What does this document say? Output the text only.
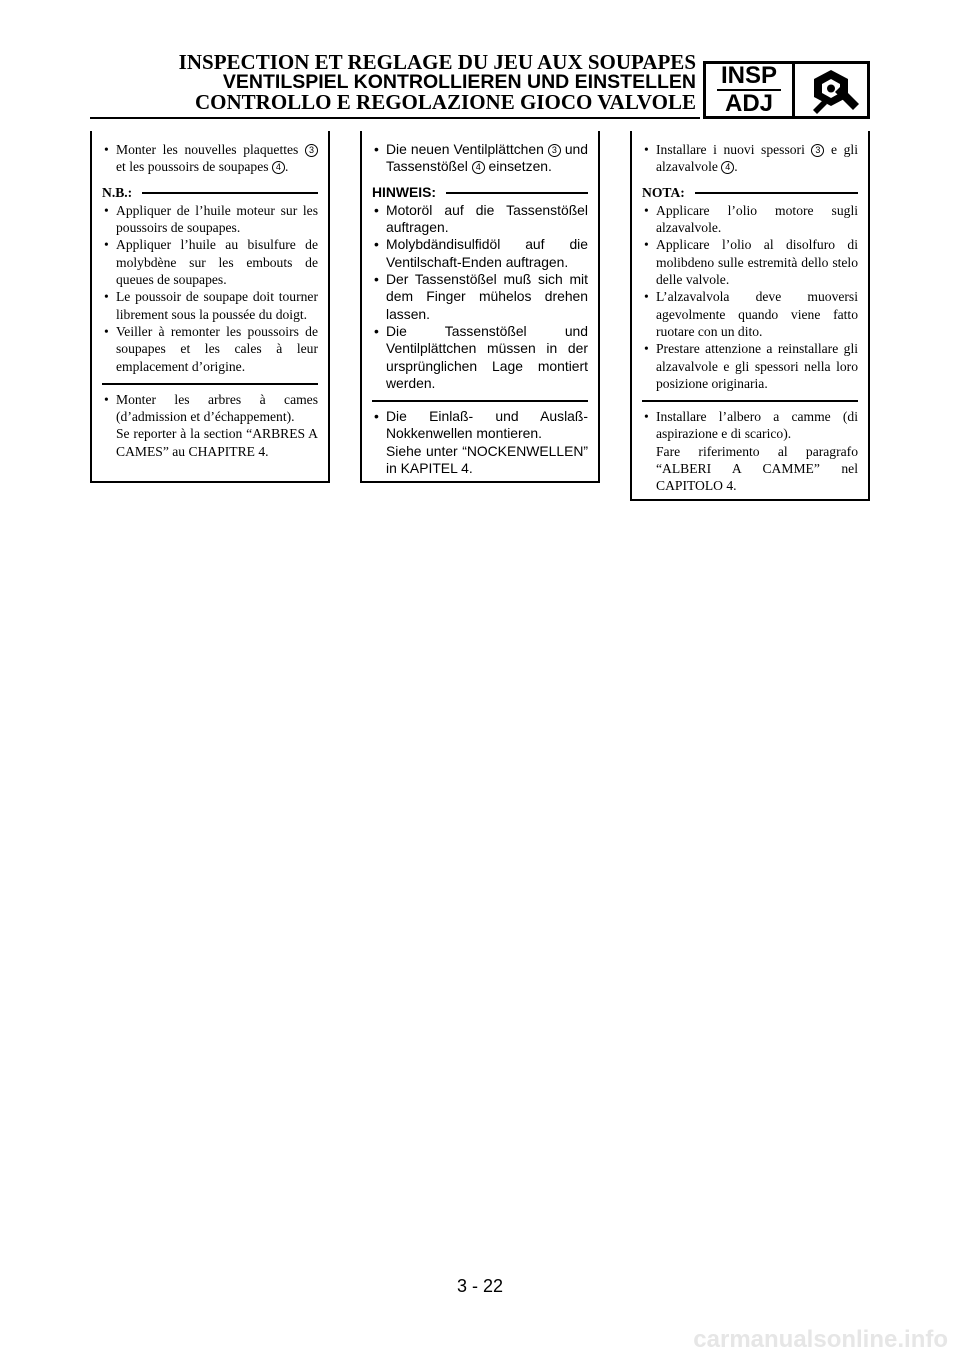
INSPECTION ET REGLAGE DU JEU AUX SOUPAPES
VENTILSPIEL KONTROLLIEREN UND EINSTELLEN
CONTROLLO E REGOLAZIONE GIOCO VALVOLE
INSP
ADJ
• Monter les nouvelles plaquettes 3 et les poussoirs de soupapes 4 .
N.B.:
• Appliquer de l’huile moteur sur les poussoirs de soupapes.
• Appliquer l’huile au bisulfure de molybdène sur les embouts de queues de soupapes.
• Le poussoir de soupape doit tourner librement sous la poussée du doigt.
• Veiller à remonter les poussoirs de soupapes et les cales à leur emplacement d’origine.
• Monter les arbres à cames (d’admission et d’échappement).
Se reporter à la section “ARBRES A CAMES” au CHAPITRE 4.
• Die neuen Ventilplättchen 3 und Tassenstößel 4 einsetzen.
HINWEIS:
• Motoröl auf die Tassenstößel auftragen.
• Molybdändisulfidöl auf die Ventilschaft-Enden auftragen.
• Der Tassenstößel muß sich mit dem Finger mühelos drehen lassen.
• Die Tassenstößel und Ventilplättchen müssen in der ursprünglichen Lage montiert werden.
• Die Einlaß- und Auslaß-Nokkenwellen montieren.
Siehe unter “NOCKENWELLEN” in KAPITEL 4.
• Installare i nuovi spessori 3 e gli alzavalvole 4 .
NOTA:
• Applicare l’olio motore sugli alzavalvole.
• Applicare l’olio al disolfuro di molibdeno sulle estremità dello stelo delle valvole.
• L’alzavalvola deve muoversi agevolmente quando viene fatto ruotare con un dito.
• Prestare attenzione a reinstallare gli alzavalvole e gli spessori nella loro posizione originaria.
• Installare l’albero a camme (di aspirazione e di scarico).
Fare riferimento al paragrafo “ALBERI A CAMME” nel CAPITOLO 4.
3 - 22
carmanualsonline.info
